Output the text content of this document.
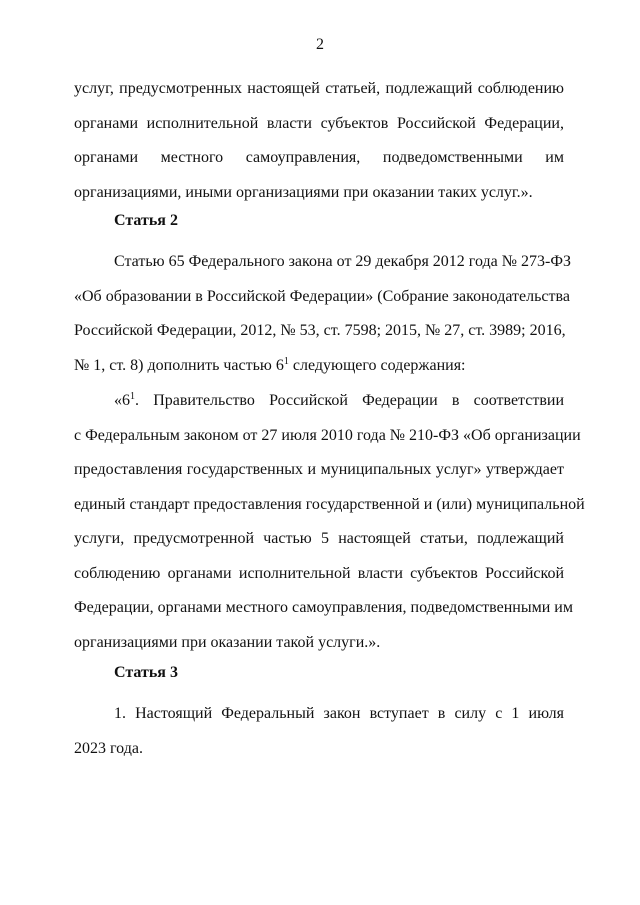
2
услуг, предусмотренных настоящей статьей, подлежащий соблюдению
органами исполнительной власти субъектов Российской Федерации,
органами местного самоуправления, подведомственными им
организациями, иными организациями при оказании таких услуг.».
Статья 2
Статью 65 Федерального закона от 29 декабря 2012 года № 273-ФЗ
«Об образовании в Российской Федерации» (Собрание законодательства
Российской Федерации, 2012, № 53, ст. 7598; 2015, № 27, ст. 3989; 2016,
№ 1, ст. 8) дополнить частью $6^1$ следующего содержания:
«$6^1$. Правительство Российской Федерации в соответствии
с Федеральным законом от 27 июля 2010 года № 210-ФЗ «Об организации
предоставления государственных и муниципальных услуг» утверждает
единый стандарт предоставления государственной и (или) муниципальной
услуги, предусмотренной частью 5 настоящей статьи, подлежащий
соблюдению органами исполнительной власти субъектов Российской
Федерации, органами местного самоуправления, подведомственными им
организациями при оказании такой услуги.».
Статья 3
1. Настоящий Федеральный закон вступает в силу с 1 июля
2023 года.
